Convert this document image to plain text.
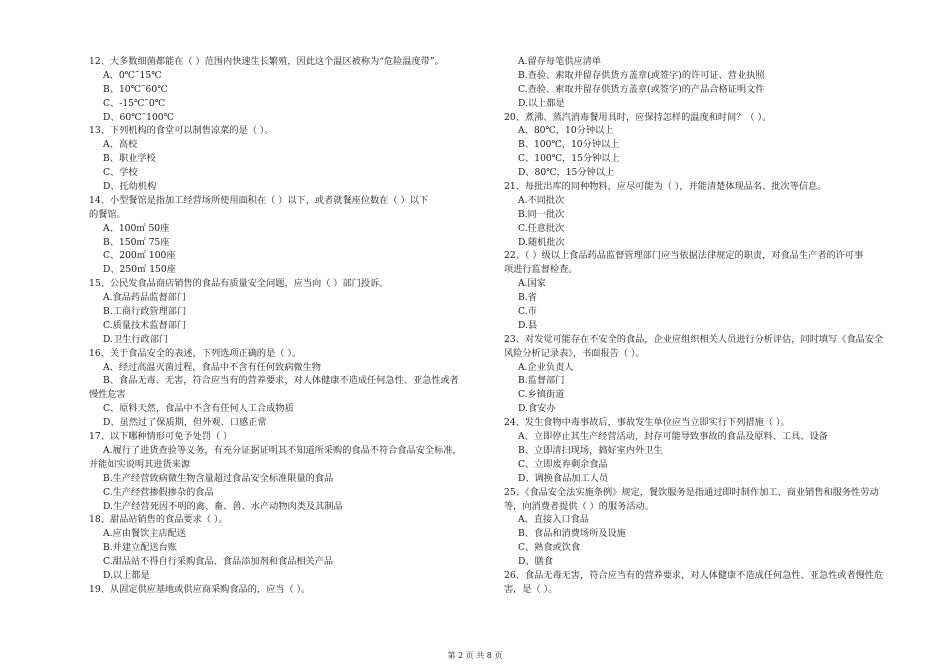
12、大多数细菌都能在（ ）范围内快速生长繁殖，因此这个温区被称为“危险温度带”。
A、0℃˜15℃
B、10℃˜60℃
C、-15℃˜0℃
D、60℃˜100℃
13、下列机构的食堂可以制售凉菜的是（ ）。
A、高校
B、职业学校
C、学校
D、托幼机构
14、小型餐馆是指加工经营场所使用面积在（ ）以下，或者就餐座位数在（ ）以下
的餐馆。
A、100㎡ 50座
B、150㎡ 75座
C、200㎡ 100座
D、250㎡ 150座
15、公民发食品商店销售的食品有质量安全问题，应当向（ ）部门投诉。
A.食品药品监督部门
B.工商行政管理部门
C.质量技术监督部门
D.卫生行政部门
16、关于食品安全的表述，下列选项正确的是（ ）。
A、经过高温灭菌过程，食品中不含有任何致病微生物
B、食品无毒、无害，符合应当有的营养要求，对人体健康不造成任何急性、亚急性或者
慢性危害
C、原料天然，食品中不含有任何人工合成物质
D、虽然过了保质期，但外观、口感正常
17、以下哪种情形可免予处罚（ ）
A.履行了进货查验等义务，有充分证据证明其不知道所采购的食品不符合食品安全标准，
并能如实说明其进货来源
B.生产经营致病微生物含量超过食品安全标准限量的食品
C.生产经营掺假掺杂的食品
D.生产经营死因不明的禽、畜、兽、水产动物肉类及其制品
18、甜品站销售的食品要求（ ）。
A.应由餐饮主店配送
B.并建立配送台账
C.甜品站不得自行采购食品、食品添加剂和食品相关产品
D.以上都是
19、从固定供应基地或供应商采购食品的，应当（ ）。
A.留存每笔供应清单
B.查验、索取并留存供货方盖章(或签字)的许可证、营业执照
C.查验、索取并留存供货方盖章(或签字)的产品合格证明文件
D.以上都是
20、煮沸、蒸汽消毒餐用具时，应保持怎样的温度和时间？（ ）。
A、80℃，10分钟以上
B、100℃，10分钟以上
C、100℃，15分钟以上
D、80℃，15分钟以上
21、每批出库的同种物料，应尽可能为（ ），并能清楚体现品名、批次等信息。
A.不同批次
B.同一批次
C.任意批次
D.随机批次
22、（ ）级以上食品药品监督管理部门应当依据法律规定的职责，对食品生产者的许可事
项进行监督检查。
A.国家
B.省
C.市
D.县
23、对发觉可能存在不安全的食品，企业应组织相关人员进行分析评估，同时填写《食品安全
风险分析记录表》，书面报告（ ）。
A.企业负责人
B.监督部门
C.乡镇街道
D.食安办
24、发生食物中毒事故后，事故发生单位应当立即实行下列措施（ ）。
A、立即停止其生产经营活动，封存可能导致事故的食品及原料、工具、设备
B、立即清扫现场，搞好室内外卫生
C、立即废弃剩余食品
D、调换食品加工人员
25、《食品安全法实施条例》规定，餐饮服务是指通过即时制作加工、商业销售和服务性劳动
等，向消费者提供（ ）的服务活动。
A、直接入口食品
B、食品和消费场所及设施
C、熟食或饮食
D、膳食
26、食品无毒无害，符合应当有的营养要求，对人体健康不造成任何急性、亚急性或者慢性危
害，是（ ）。
第 2 页 共 8 页
